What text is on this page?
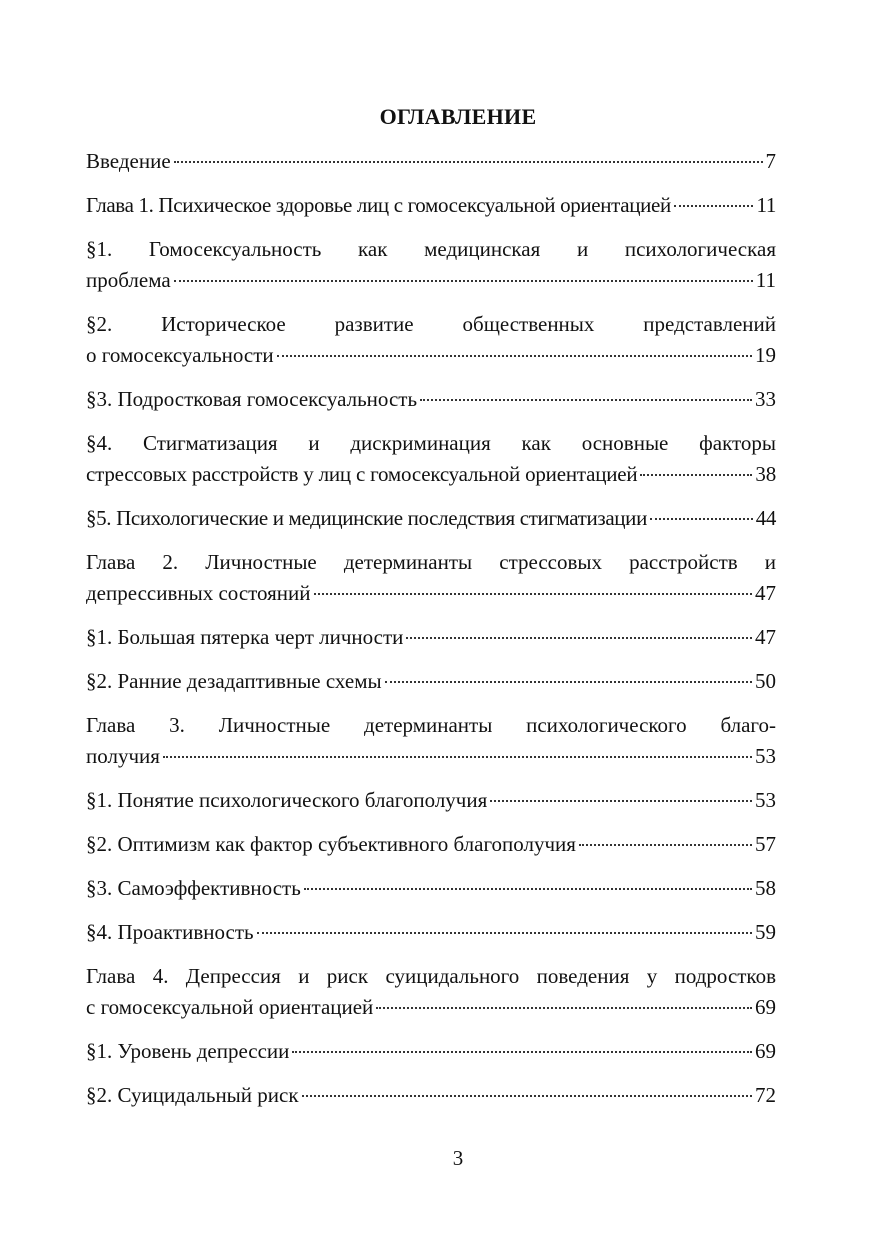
ОГЛАВЛЕНИЕ
Введение	7
Глава 1. Психическое здоровье лиц с гомосексуальной ориентацией	11
§1. Гомосексуальность как медицинская и психологическая
проблема	11
§2. Историческое развитие общественных представлений
о гомосексуальности	19
§3. Подростковая гомосексуальность	33
§4. Стигматизация и дискриминация как основные факторы
стрессовых расстройств у лиц с гомосексуальной ориентацией	38
§5. Психологические и медицинские последствия стигматизации	44
Глава 2. Личностные детерминанты стрессовых расстройств и
депрессивных состояний	47
§1. Большая пятерка черт личности	47
§2. Ранние дезадаптивные схемы	50
Глава 3. Личностные детерминанты психологического благо-
получия	53
§1. Понятие психологического благополучия	53
§2. Оптимизм как фактор субъективного благополучия	57
§3. Самоэффективность	58
§4. Проактивность	59
Глава 4. Депрессия и риск суицидального поведения у подростков
с гомосексуальной ориентацией	69
§1. Уровень депрессии	69
§2. Суицидальный риск	72
3
